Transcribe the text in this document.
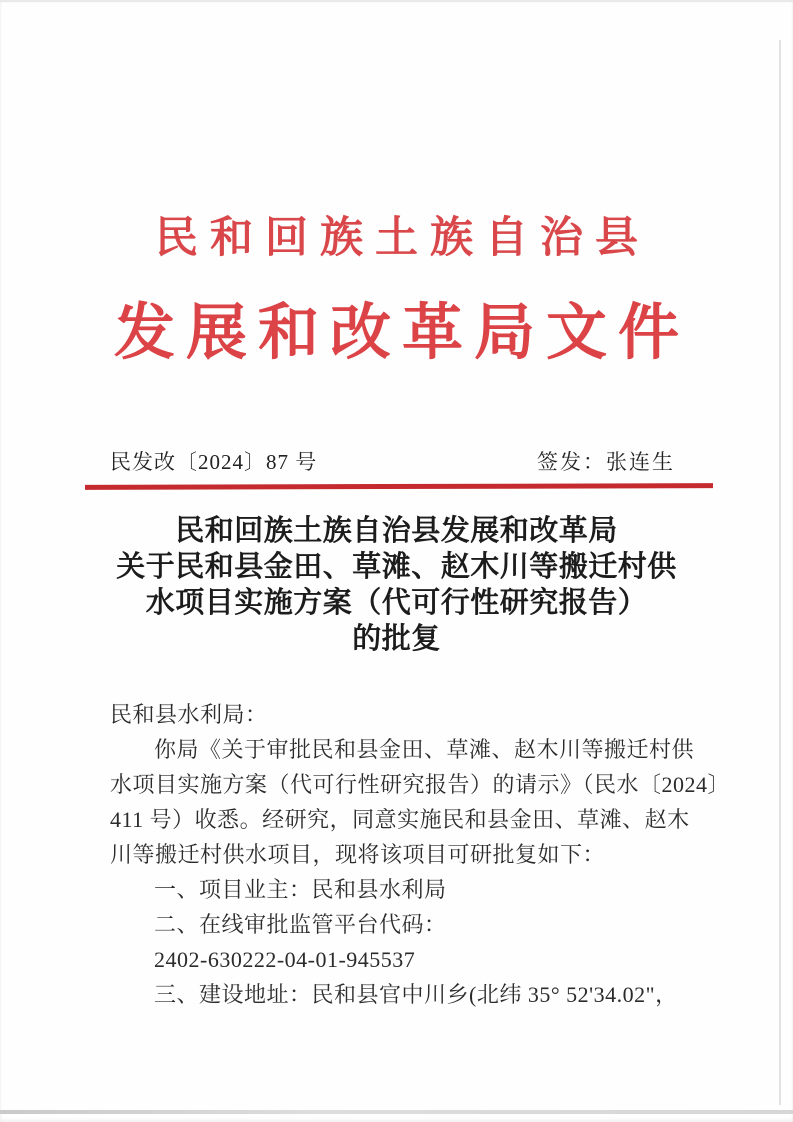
民和回族土族自治县
发展和改革局文件
民发改〔2024〕87 号	签发：张连生
民和回族土族自治县发展和改革局
关于民和县金田、草滩、赵木川等搬迁村供
水项目实施方案（代可行性研究报告）
的批复
民和县水利局：
你局《关于审批民和县金田、草滩、赵木川等搬迁村供
水项目实施方案（代可行性研究报告）的请示》（民水〔2024〕
411 号）收悉。经研究，同意实施民和县金田、草滩、赵木
川等搬迁村供水项目，现将该项目可研批复如下：
一、项目业主：民和县水利局
二、在线审批监管平台代码：
2402-630222-04-01-945537
三、建设地址：民和县官中川乡(北纬 35° 52'34.02"，
